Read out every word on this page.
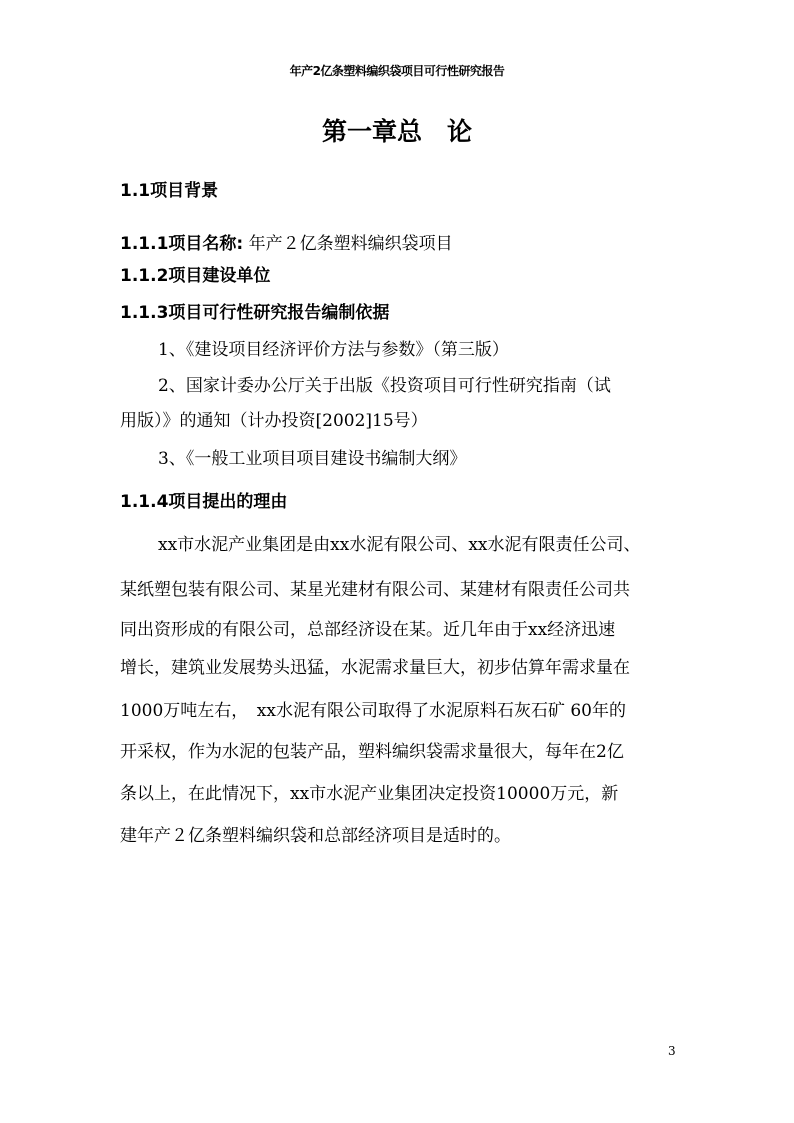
年产2亿条塑料编织袋项目可行性研究报告
第一章总　论
1.1项目背景
1.1.1项目名称: 年产２亿条塑料编织袋项目
1.1.2项目建设单位
1.1.3项目可行性研究报告编制依据
1、《建设项目经济评价方法与参数》（第三版）
2、国家计委办公厅关于出版《投资项目可行性研究指南（试
用版）》的通知（计办投资[2002]15号）
3、《一般工业项目项目建设书编制大纲》
1.1.4项目提出的理由
xx市水泥产业集团是由xx水泥有限公司、xx水泥有限责任公司、
某纸塑包装有限公司、某星光建材有限公司、某建材有限责任公司共
同出资形成的有限公司，总部经济设在某。近几年由于xx经济迅速
增长，建筑业发展势头迅猛，水泥需求量巨大，初步估算年需求量在
1000万吨左右，　xx水泥有限公司取得了水泥原料石灰石矿 60年的
开采权，作为水泥的包装产品，塑料编织袋需求量很大，每年在2亿
条以上，在此情况下，xx市水泥产业集团决定投资10000万元，新
建年产２亿条塑料编织袋和总部经济项目是适时的。
3
